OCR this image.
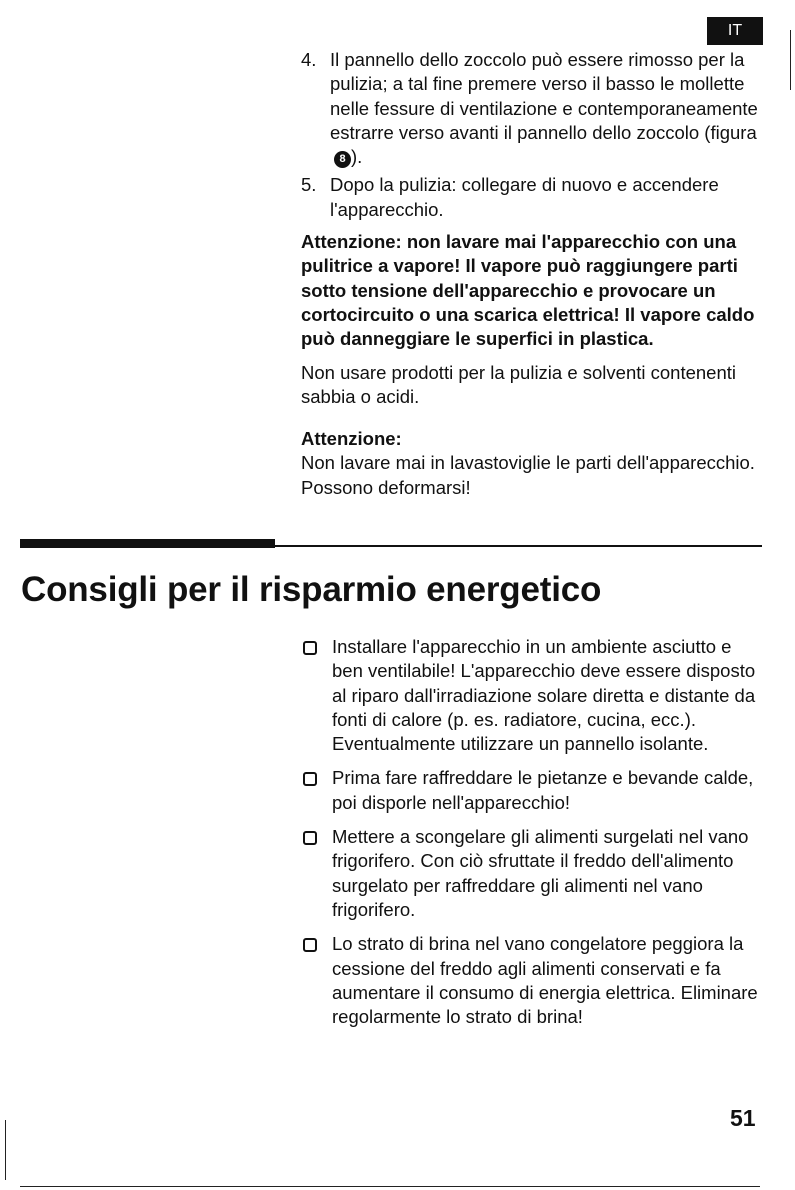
IT
4. Il pannello dello zoccolo può essere rimosso per la pulizia; a tal fine premere verso il basso le mollette nelle fessure di ventilazione e contemporaneamente estrarre verso avanti il pannello dello zoccolo (figura 8 ).
5. Dopo la pulizia: collegare di nuovo e accendere l'apparecchio.
Attenzione: non lavare mai l'apparecchio con una pulitrice a vapore! Il vapore può raggiungere parti sotto tensione dell'apparecchio e provocare un cortocircuito o una scarica elettrica! Il vapore caldo può danneggiare le superfici in plastica.
Non usare prodotti per la pulizia e solventi contenenti sabbia o acidi.
Attenzione:
Non lavare mai in lavastoviglie le parti dell'apparecchio. Possono deformarsi!
Consigli per il risparmio energetico
Installare l'apparecchio in un ambiente asciutto e ben ventilabile! L'apparecchio deve essere disposto al riparo dall'irradiazione solare diretta e distante da fonti di calore (p. es. radiatore, cucina, ecc.).
Eventualmente utilizzare un pannello isolante.
Prima fare raffreddare le pietanze e bevande calde, poi disporle nell'apparecchio!
Mettere a scongelare gli alimenti surgelati nel vano frigorifero. Con ciò sfruttate il freddo dell'alimento surgelato per raffreddare gli alimenti nel vano frigorifero.
Lo strato di brina nel vano congelatore peggiora la cessione del freddo agli alimenti conservati e fa aumentare il consumo di energia elettrica. Eliminare regolarmente lo strato di brina!
51
